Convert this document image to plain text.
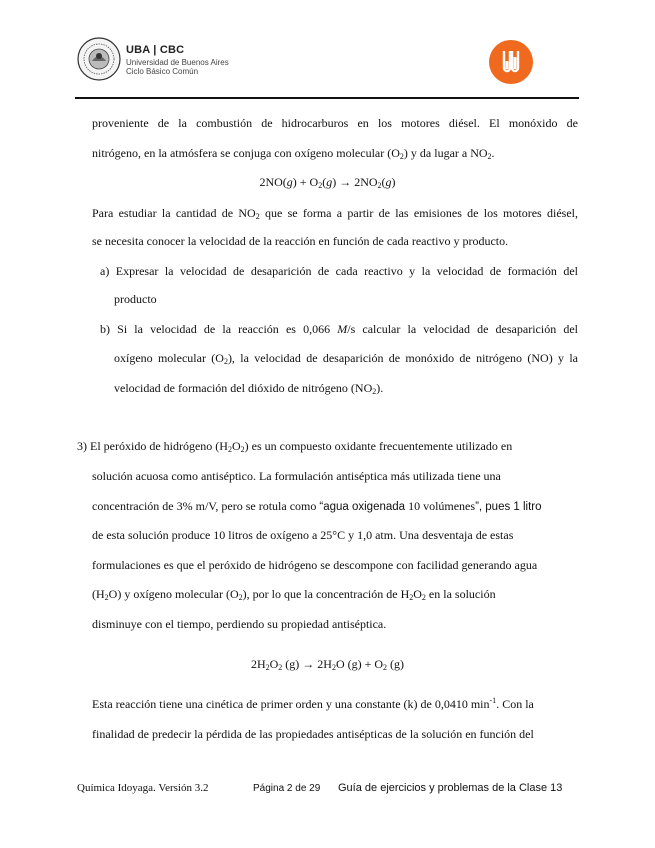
UBA | CBC
Universidad de Buenos Aires
Ciclo Básico Común
proveniente de la combustión de hidrocarburos en los motores diésel. El monóxido de
nitrógeno, en la atmósfera se conjuga con oxígeno molecular $(O_2)$ y da lugar a $NO_2$.
$2NO(g) + O_2(g) \to 2NO_2(g)$
Para estudiar la cantidad de $NO_2$ que se forma a partir de las emisiones de los motores diésel,
se necesita conocer la velocidad de la reacción en función de cada reactivo y producto.
a) Expresar la velocidad de desaparición de cada reactivo y la velocidad de formación del
producto
b) Si la velocidad de la reacción es 0,066 M/s calcular la velocidad de desaparición del
oxígeno molecular $(O_2)$, la velocidad de desaparición de monóxido de nitrógeno (NO) y la
velocidad de formación del dióxido de nitrógeno $(NO_2)$.
3) El peróxido de hidrógeno $(H_2O_2)$ es un compuesto oxidante frecuentemente utilizado en
solución acuosa como antiséptico. La formulación antiséptica más utilizada tiene una
concentración de 3% m/V, pero se rotula como “agua oxigenada 10 volúmenes”, pues 1 litro
de esta solución produce 10 litros de oxígeno a 25°C y 1,0 atm. Una desventaja de estas
formulaciones es que el peróxido de hidrógeno se descompone con facilidad generando agua
$(H_2O)$ y oxígeno molecular $(O_2)$, por lo que la concentración de $H_2O_2$ en la solución
disminuye con el tiempo, perdiendo su propiedad antiséptica.
$2H_2O_2$ $(g) \to 2H_2O$ $(g) + O_2$ (g)
Esta reacción tiene una cinética de primer orden y una constante (k) de 0,0410 $\min^{-1}$. Con la
finalidad de predecir la pérdida de las propiedades antisépticas de la solución en función del
Química Idoyaga. Versión 3.2	Página 2 de 29 Guía de ejercicios y problemas de la Clase 13
